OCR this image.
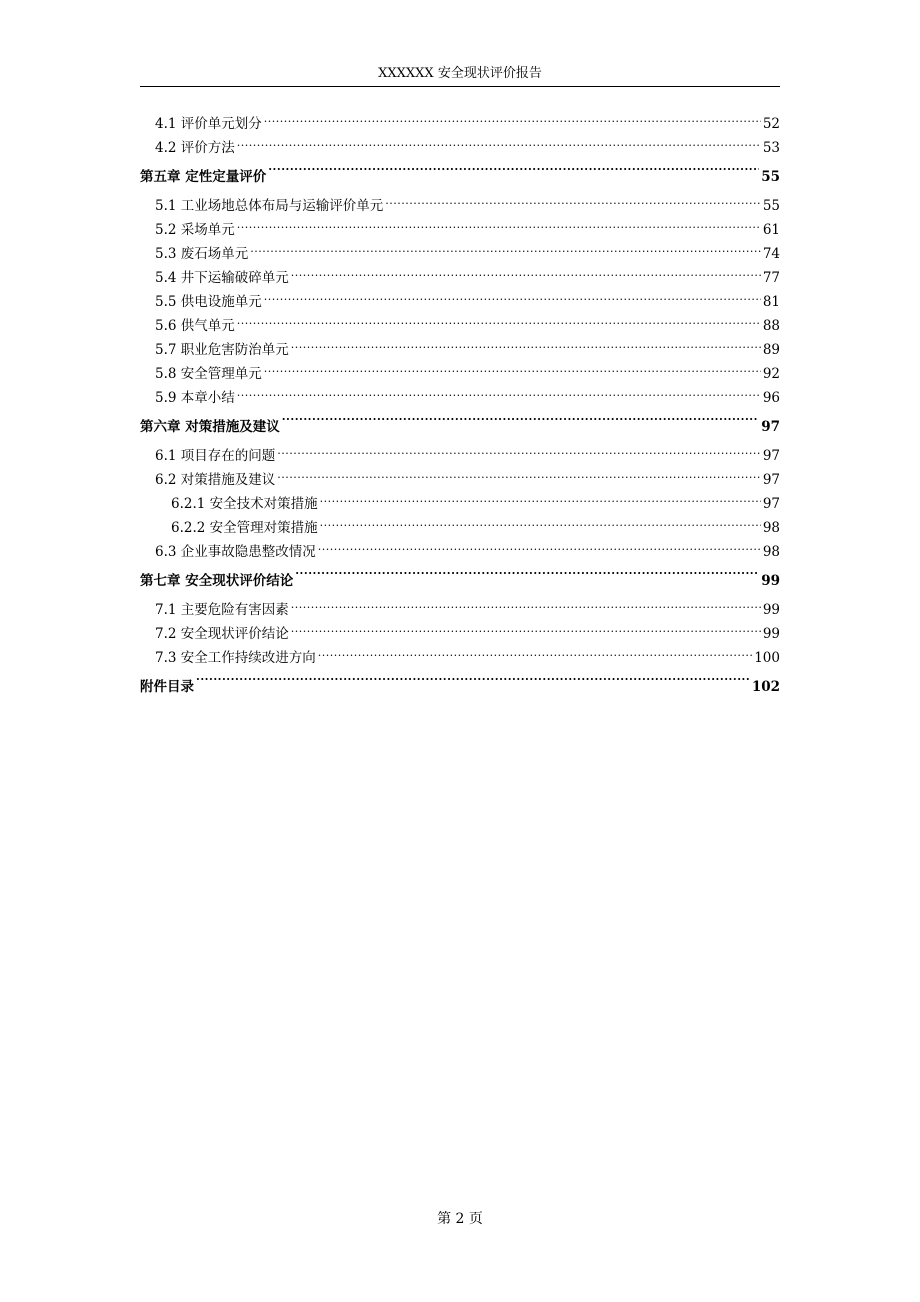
XXXXXX 安全现状评价报告
4.1 评价单元划分 .....	52
4.2 评价方法 .....	53
第五章 定性定量评价 .....	55
5.1 工业场地总体布局与运输评价单元 .....	55
5.2 采场单元 .....	61
5.3 废石场单元 .....	74
5.4 井下运输破碎单元 .....	77
5.5 供电设施单元 .....	81
5.6 供气单元 .....	88
5.7 职业危害防治单元 .....	89
5.8 安全管理单元 .....	92
5.9 本章小结 .....	96
第六章 对策措施及建议 .....	97
6.1 项目存在的问题 .....	97
6.2 对策措施及建议 .....	97
6.2.1 安全技术对策措施 .....	97
6.2.2 安全管理对策措施 .....	98
6.3 企业事故隐患整改情况 .....	98
第七章 安全现状评价结论 .....	99
7.1 主要危险有害因素 .....	99
7.2 安全现状评价结论 .....	99
7.3 安全工作持续改进方向 .....	100
附件目录 .....	102
第 2 页
